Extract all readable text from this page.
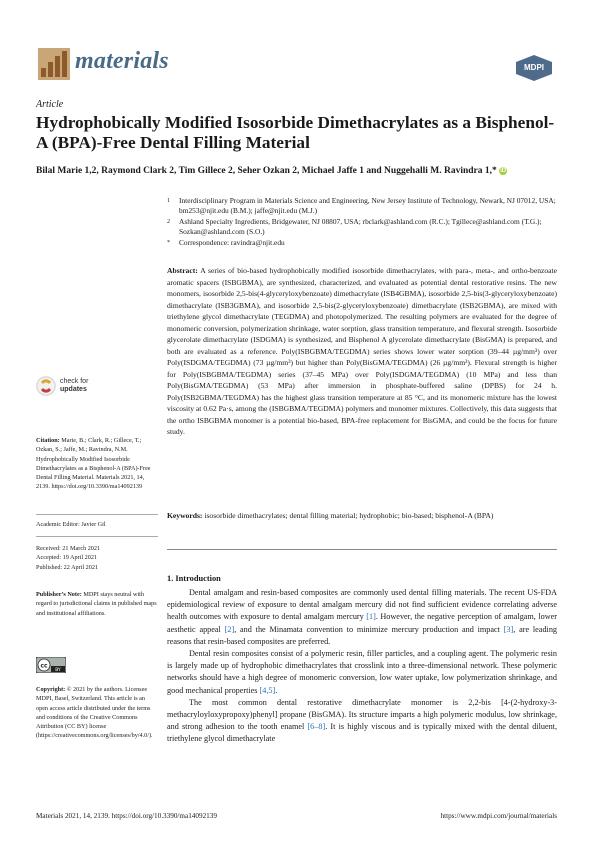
materials	MDPI
Article
Hydrophobically Modified Isosorbide Dimethacrylates as a Bisphenol-A (BPA)-Free Dental Filling Material
Bilal Marie 1,2, Raymond Clark 2, Tim Gillece 2, Seher Ozkan 2, Michael Jaffe 1 and Nuggehalli M. Ravindra 1,* iD
1 Interdisciplinary Program in Materials Science and Engineering, New Jersey Institute of Technology, Newark, NJ 07012, USA; bm253@njit.edu (B.M.); jaffe@njit.edu (M.J.)
2 Ashland Specialty Ingredients, Bridgewater, NJ 08807, USA; rbclark@ashland.com (R.C.); Tgillece@ashland.com (T.G.); Sozkan@ashland.com (S.O.)
* Correspondence: ravindra@njit.edu

Abstract: A series of bio-based hydrophobically modified isosorbide dimethacrylates, with para-, meta-, and ortho-benzoate aromatic spacers (ISBGBMA), are synthesized, characterized, and evaluated as potential dental restorative resins. The new monomers, isosorbide 2,5-bis(4-glyceryloxybenzoate) dimethacrylate (ISB4GBMA), isosorbide 2,5-bis(3-glyceryloxybenzoate) dimethacrylate (ISB3GBMA), and isosorbide 2,5-bis(2-glyceryloxybenzoate) dimethacrylate (ISB2GBMA), are mixed with triethylene glycol dimethacrylate (TEGDMA) and photopolymerized. The resulting polymers are evaluated for the degree of monomeric conversion, polymerization shrinkage, water sorption, glass transition temperature, and flexural strength. Isosorbide glycerolate dimethacrylate (ISDGMA) is synthesized, and Bisphenol A glycerolate dimethacrylate (BisGMA) is prepared, and both are evaluated as a reference. Poly(ISBGBMA/TEGDMA) series shows lower water sorption (39–44 µg/mm³) over Poly(ISDGMA/TEGDMA) (73 µg/mm³) but higher than Poly(BisGMA/TEGDMA) (26 µg/mm³). Flexural strength is higher for Poly(ISBGBMA/TEGDMA) series (37–45 MPa) over Poly(ISDGMA/TEGDMA) (10 MPa) and less than Poly(BisGMA/TEGDMA) (53 MPa) after immersion in phosphate-buffered saline (DPBS) for 24 h. Poly(ISB2GBMA/TEGDMA) has the highest glass transition temperature at 85 °C, and its monomeric mixture has the lowest viscosity at 0.62 Pa·s, among the (ISBGBMA/TEGDMA) polymers and monomer mixtures. Collectively, this data suggests that the ortho ISBGBMA monomer is a potential bio-based, BPA-free replacement for BisGMA, and could be the focus for future study.

Keywords: isosorbide dimethacrylates; dental filling material; hydrophobic; bio-based; bisphenol-A (BPA)

check for
updates

Citation: Marie, B.; Clark, R.; Gillece, T.; Ozkan, S.; Jaffe, M.; Ravindra, N.M. Hydrophobically Modified Isosorbide Dimethacrylates as a Bisphenol-A (BPA)-Free Dental Filling Material. Materials 2021, 14, 2139. https://doi.org/10.3390/ma14092139

Academic Editor: Javier Gil

Received: 21 March 2021

Accepted: 19 April 2021

Published: 22 April 2021

Publisher’s Note: MDPI stays neutral with regard to jurisdictional claims in published maps and institutional affiliations.

cc
BY

Copyright: © 2021 by the authors. Licensee MDPI, Basel, Switzerland. This article is an open access article distributed under the terms and conditions of the Creative Commons Attribution (CC BY) license (https://creativecommons.org/licenses/by/4.0/).

1. Introduction

Dental amalgam and resin-based composites are commonly used dental filling materials. The recent US-FDA epidemiological review of exposure to dental amalgam mercury did not find sufficient evidence correlating adverse health outcomes with exposure to dental amalgam mercury [1]. However, the negative perception of amalgam, lower aesthetic appeal [2], and the Minamata convention to minimize mercury production and impact [3], are leading reasons that resin-based composites are preferred.

Dental resin composites consist of a polymeric resin, filler particles, and a coupling agent. The polymeric resin is largely made up of hydrophobic dimethacrylates that crosslink into a three-dimensional network. These polymeric networks should have a high degree of monomeric conversion, low water uptake, low polymerization shrinkage, and good mechanical properties [4,5].

The most common dental restorative dimethacrylate monomer is 2,2-bis [4-(2-hydroxy-3-methacryloyloxypropoxy)phenyl] propane (BisGMA). Its structure imparts a high polymeric modulus, low shrinkage, and strong adhesion to the tooth enamel [6–8]. It is highly viscous and is typically mixed with the dental diluent, triethylene glycol dimethacrylate

Materials 2021, 14, 2139. https://doi.org/10.3390/ma14092139	https://www.mdpi.com/journal/materials
